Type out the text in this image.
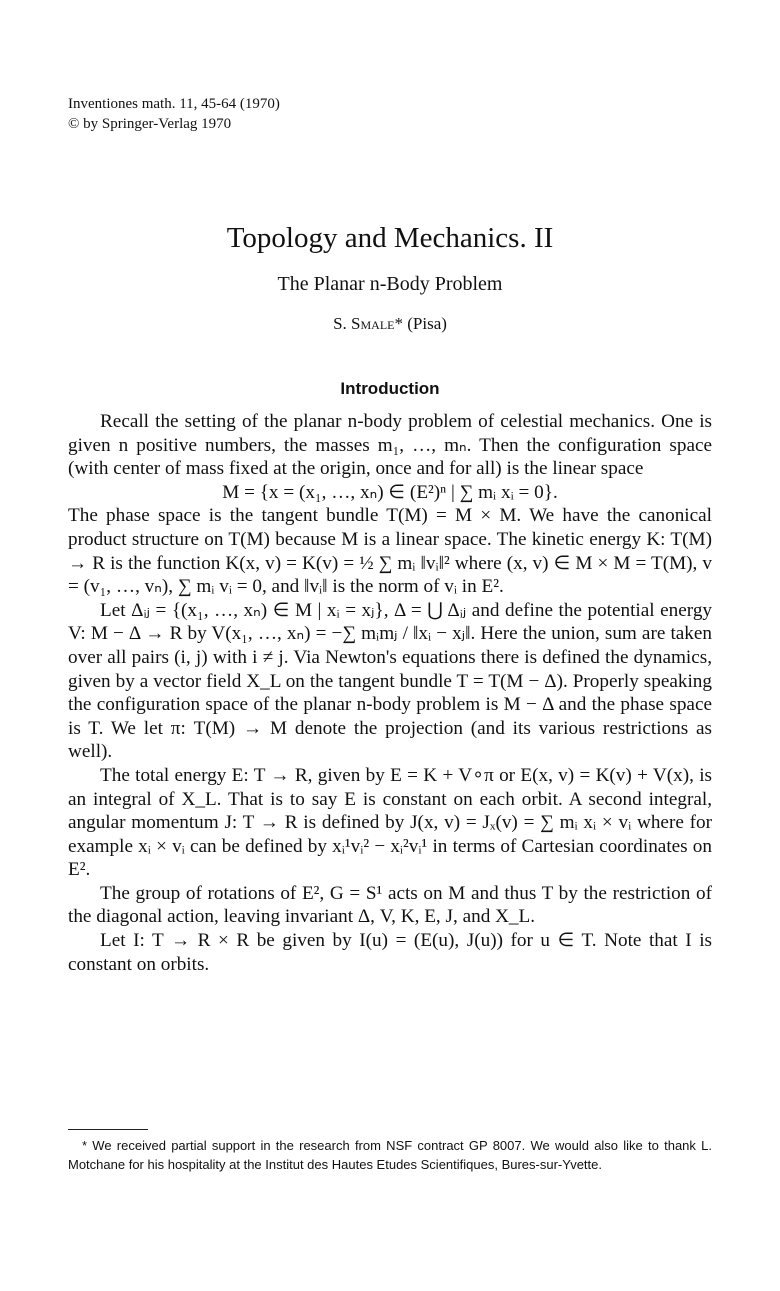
Inventiones math. 11, 45-64 (1970)
© by Springer-Verlag 1970
Topology and Mechanics. II
The Planar n-Body Problem
S. Smale* (Pisa)
Introduction

Recall the setting of the planar n-body problem of celestial mechanics. One is given n positive numbers, the masses m₁, …, mₙ. Then the configuration space (with center of mass fixed at the origin, once and for all) is the linear space

M = {x = (x₁, …, xₙ) ∈ (E²)ⁿ | ∑ mᵢ xᵢ = 0}.

The phase space is the tangent bundle T(M) = M × M. We have the canonical product structure on T(M) because M is a linear space. The kinetic energy K: T(M) → R is the function K(x, v) = K(v) = ½ ∑ mᵢ ‖vᵢ‖² where (x, v) ∈ M × M = T(M), v = (v₁, …, vₙ), ∑ mᵢ vᵢ = 0, and ‖vᵢ‖ is the norm of vᵢ in E².

Let Δᵢⱼ = {(x₁, …, xₙ) ∈ M | xᵢ = xⱼ}, Δ = ⋃ Δᵢⱼ and define the potential energy V: M − Δ → R by V(x₁, …, xₙ) = −∑ mᵢmⱼ / ‖xᵢ − xⱼ‖. Here the union, sum are taken over all pairs (i, j) with i ≠ j. Via Newton's equations there is defined the dynamics, given by a vector field X_L on the tangent bundle T = T(M − Δ). Properly speaking the configuration space of the planar n-body problem is M − Δ and the phase space is T. We let π: T(M) → M denote the projection (and its various restrictions as well).

The total energy E: T → R, given by E = K + V∘π or E(x, v) = K(v) + V(x), is an integral of X_L. That is to say E is constant on each orbit. A second integral, angular momentum J: T → R is defined by J(x, v) = Jₓ(v) = ∑ mᵢ xᵢ × vᵢ where for example xᵢ × vᵢ can be defined by xᵢ¹vᵢ² − xᵢ²vᵢ¹ in terms of Cartesian coordinates on E².

The group of rotations of E², G = S¹ acts on M and thus T by the restriction of the diagonal action, leaving invariant Δ, V, K, E, J, and X_L.

Let I: T → R × R be given by I(u) = (E(u), J(u)) for u ∈ T. Note that I is constant on orbits.

* We received partial support in the research from NSF contract GP 8007. We would also like to thank L. Motchane for his hospitality at the Institut des Hautes Etudes Scientifiques, Bures-sur-Yvette.
